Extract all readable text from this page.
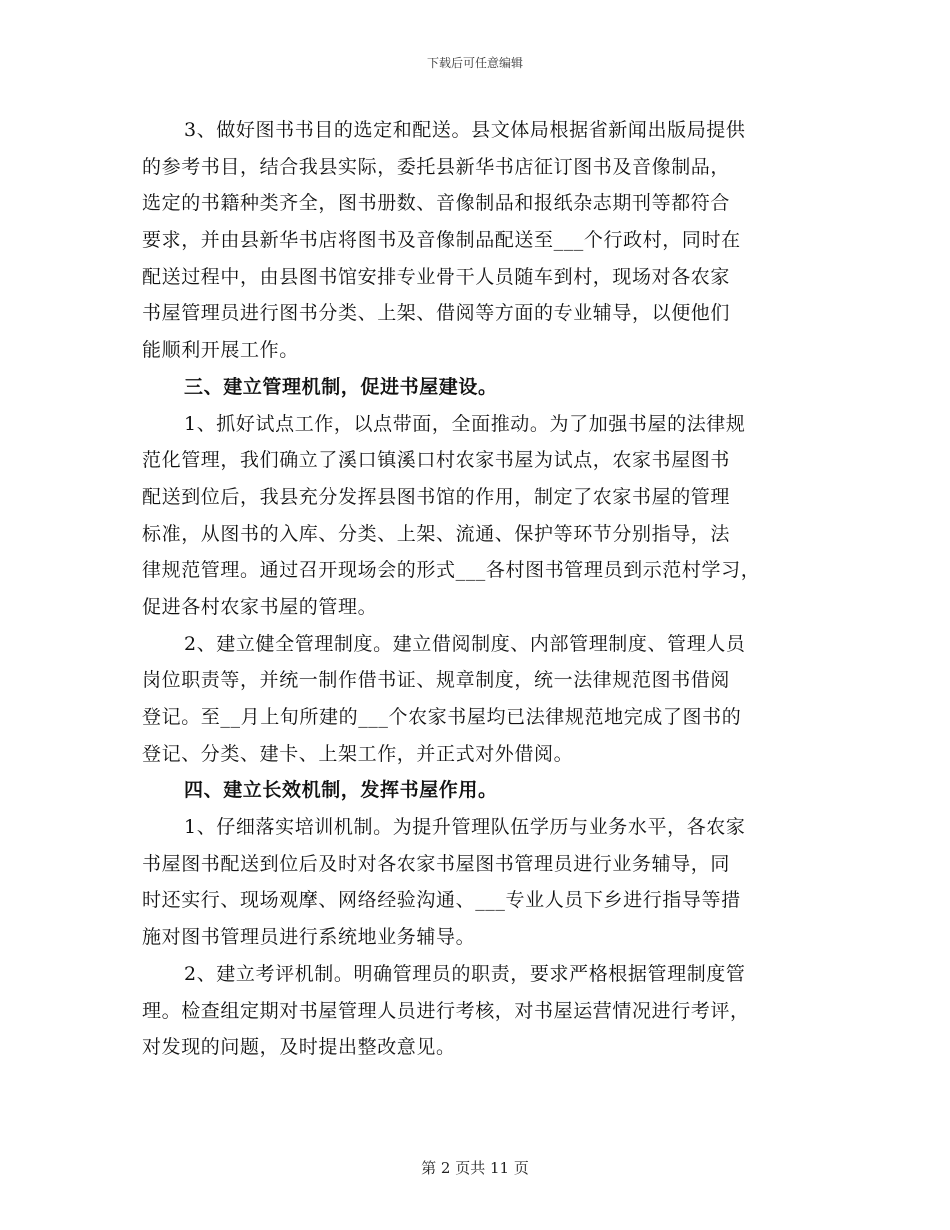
下载后可任意编辑
3、做好图书书目的选定和配送。县文体局根据省新闻出版局提供
的参考书目，结合我县实际，委托县新华书店征订图书及音像制品，
选定的书籍种类齐全，图书册数、音像制品和报纸杂志期刊等都符合
要求，并由县新华书店将图书及音像制品配送至___个行政村，同时在
配送过程中，由县图书馆安排专业骨干人员随车到村，现场对各农家
书屋管理员进行图书分类、上架、借阅等方面的专业辅导，以便他们
能顺利开展工作。
三、建立管理机制，促进书屋建设。
1、抓好试点工作，以点带面，全面推动。为了加强书屋的法律规
范化管理，我们确立了溪口镇溪口村农家书屋为试点，农家书屋图书
配送到位后，我县充分发挥县图书馆的作用，制定了农家书屋的管理
标准，从图书的入库、分类、上架、流通、保护等环节分别指导，法
律规范管理。通过召开现场会的形式___各村图书管理员到示范村学习，
促进各村农家书屋的管理。
2、建立健全管理制度。建立借阅制度、内部管理制度、管理人员
岗位职责等，并统一制作借书证、规章制度，统一法律规范图书借阅
登记。至__月上旬所建的___个农家书屋均已法律规范地完成了图书的
登记、分类、建卡、上架工作，并正式对外借阅。
四、建立长效机制，发挥书屋作用。
1、仔细落实培训机制。为提升管理队伍学历与业务水平，各农家
书屋图书配送到位后及时对各农家书屋图书管理员进行业务辅导，同
时还实行、现场观摩、网络经验沟通、___专业人员下乡进行指导等措
施对图书管理员进行系统地业务辅导。
2、建立考评机制。明确管理员的职责，要求严格根据管理制度管
理。检查组定期对书屋管理人员进行考核，对书屋运营情况进行考评，
对发现的问题，及时提出整改意见。
第 2 页共 11 页
